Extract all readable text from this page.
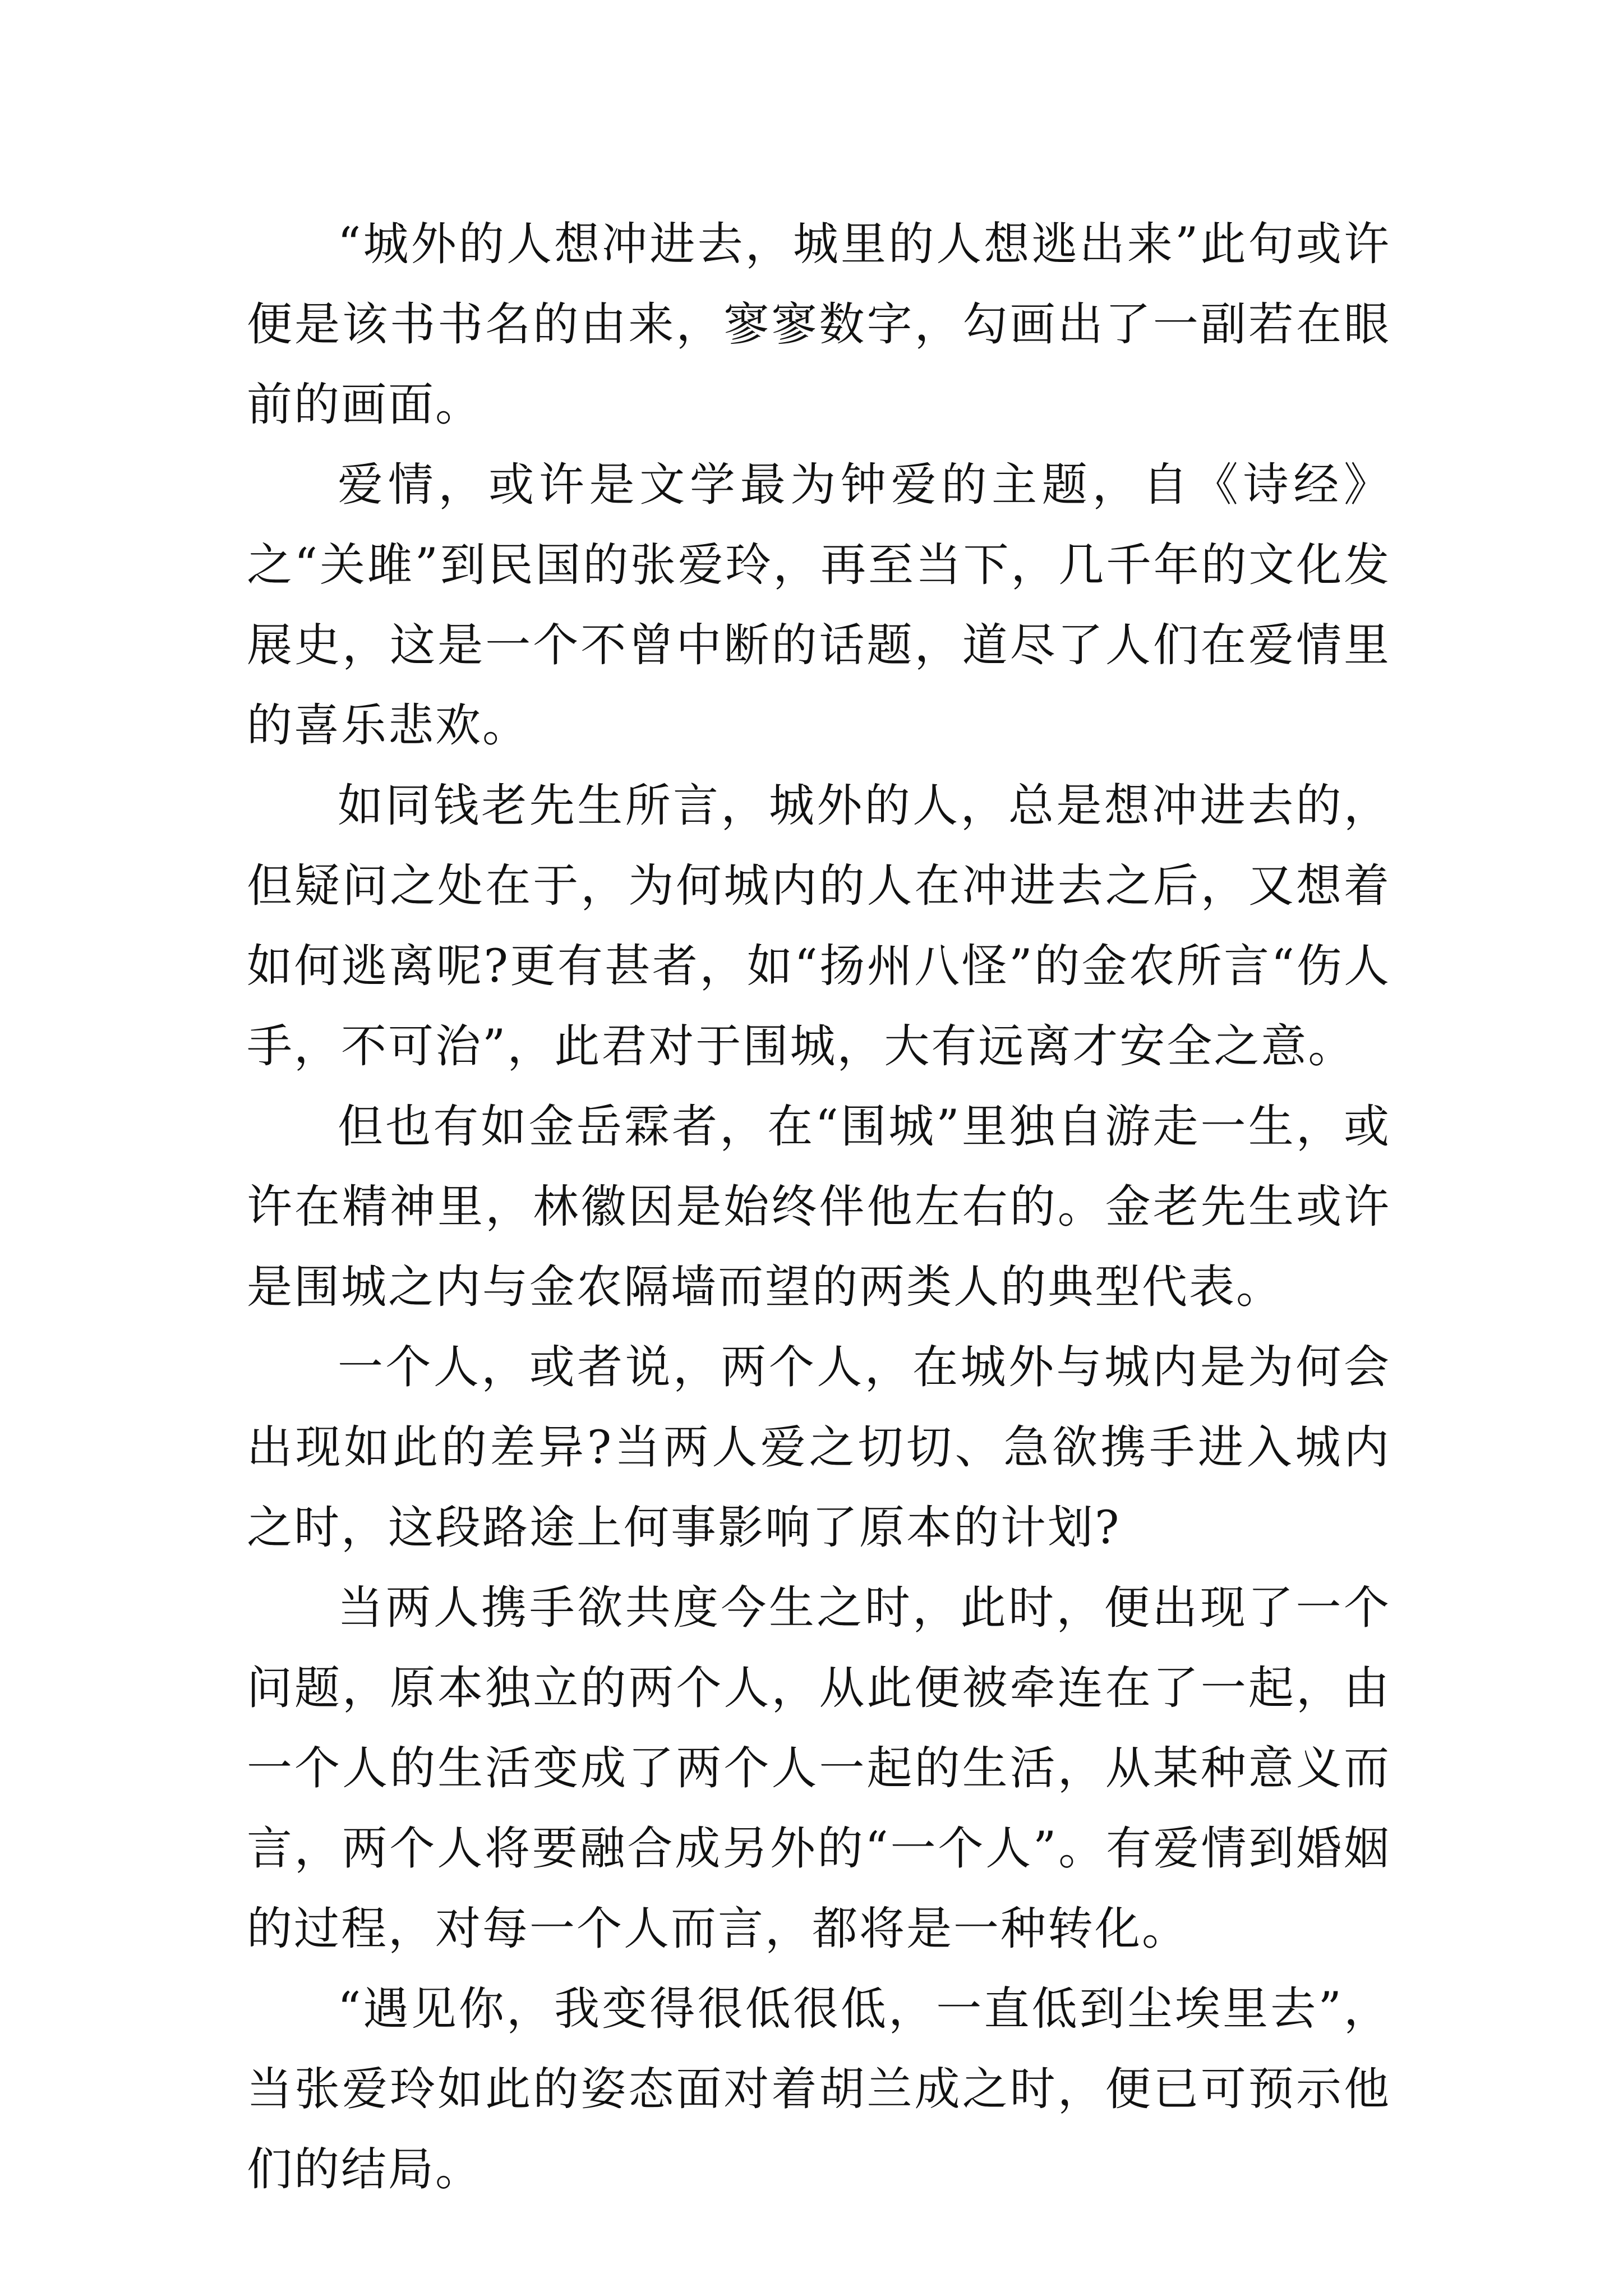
“城外的人想冲进去，城里的人想逃出来”此句或许便是该书书名的由来，寥寥数字，勾画出了一副若在眼前的画面。

爱情，或许是文学最为钟爱的主题，自《诗经》之“关雎”到民国的张爱玲，再至当下，几千年的文化发展史，这是一个不曾中断的话题，道尽了人们在爱情里的喜乐悲欢。

如同钱老先生所言，城外的人，总是想冲进去的，但疑问之处在于，为何城内的人在冲进去之后，又想着如何逃离呢?更有甚者，如“扬州八怪”的金农所言“伤人手，不可治”，此君对于围城，大有远离才安全之意。

但也有如金岳霖者，在“围城”里独自游走一生，或许在精神里，林徽因是始终伴他左右的。金老先生或许是围城之内与金农隔墙而望的两类人的典型代表。

一个人，或者说，两个人，在城外与城内是为何会出现如此的差异?当两人爱之切切、急欲携手进入城内之时，这段路途上何事影响了原本的计划?

当两人携手欲共度今生之时，此时，便出现了一个问题，原本独立的两个人，从此便被牵连在了一起，由一个人的生活变成了两个人一起的生活，从某种意义而言，两个人将要融合成另外的“一个人”。有爱情到婚姻的过程，对每一个人而言，都将是一种转化。

“遇见你，我变得很低很低，一直低到尘埃里去”，当张爱玲如此的姿态面对着胡兰成之时，便已可预示他们的结局。
